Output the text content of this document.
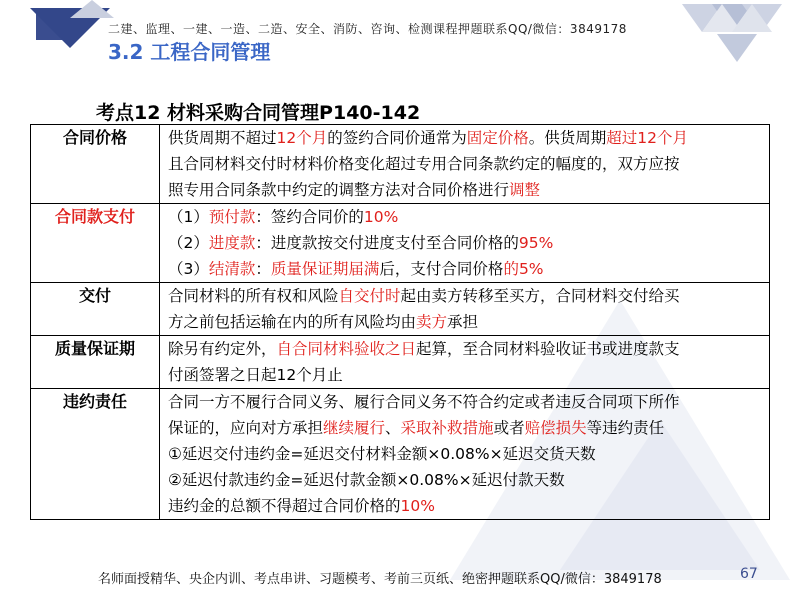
二建、监理、一建、一造、二造、安全、消防、咨询、检测课程押题联系QQ/微信：3849178
3.2 工程合同管理
考点12 材料采购合同管理P140-142
合同价格	供货周期不超过12个月的签约合同价通常为固定价格。供货周期超过12个月
且合同材料交付时材料价格变化超过专用合同条款约定的幅度的，双方应按
照专用合同条款中约定的调整方法对合同价格进行调整

合同款支付	（1）预付款：签约合同价的10%
（2）进度款：进度款按交付进度支付至合同价格的95%
（3）结清款：质量保证期届满后，支付合同价格的5%

交付	合同材料的所有权和风险自交付时起由卖方转移至买方，合同材料交付给买
方之前包括运输在内的所有风险均由卖方承担

质量保证期	除另有约定外，自合同材料验收之日起算，至合同材料验收证书或进度款支
付函签署之日起12个月止

违约责任	合同一方不履行合同义务、履行合同义务不符合约定或者违反合同项下所作
保证的，应向对方承担继续履行、采取补救措施或者赔偿损失等违约责任
①延迟交付违约金=延迟交付材料金额×0.08%×延迟交货天数
②延迟付款违约金=延迟付款金额×0.08%×延迟付款天数
违约金的总额不得超过合同价格的10%
名师面授精华、央企内训、考点串讲、习题模考、考前三页纸、绝密押题联系QQ/微信：3849178	67
